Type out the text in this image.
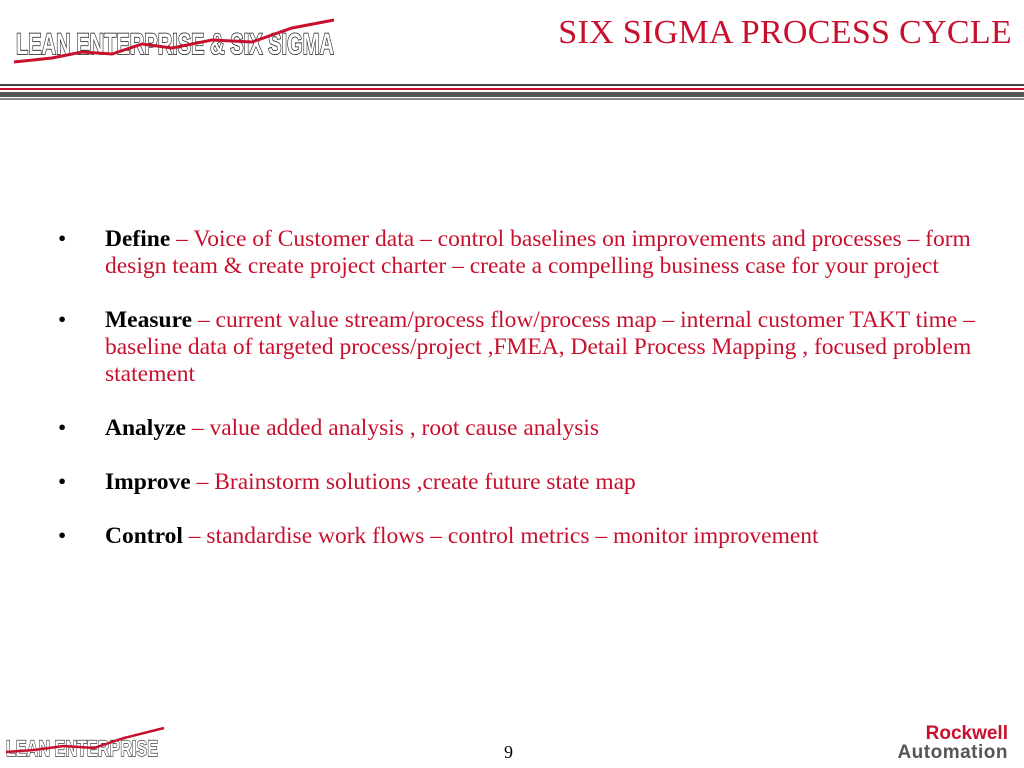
LEAN ENTERPRISE & SIX SIGMA	SIX SIGMA PROCESS CYCLE
• Define – Voice of Customer data – control baselines on improvements and processes – form design team & create project charter – create a compelling business case for your project
• Measure – current value stream/process flow/process map – internal customer TAKT time – baseline data of targeted process/project ,FMEA, Detail Process Mapping , focused problem statement
• Analyze – value added analysis , root cause analysis
• Improve – Brainstorm solutions ,create future state map
• Control – standardise work flows – control metrics – monitor improvement
LEAN ENTERPRISE	9
Rockwell
Automation
